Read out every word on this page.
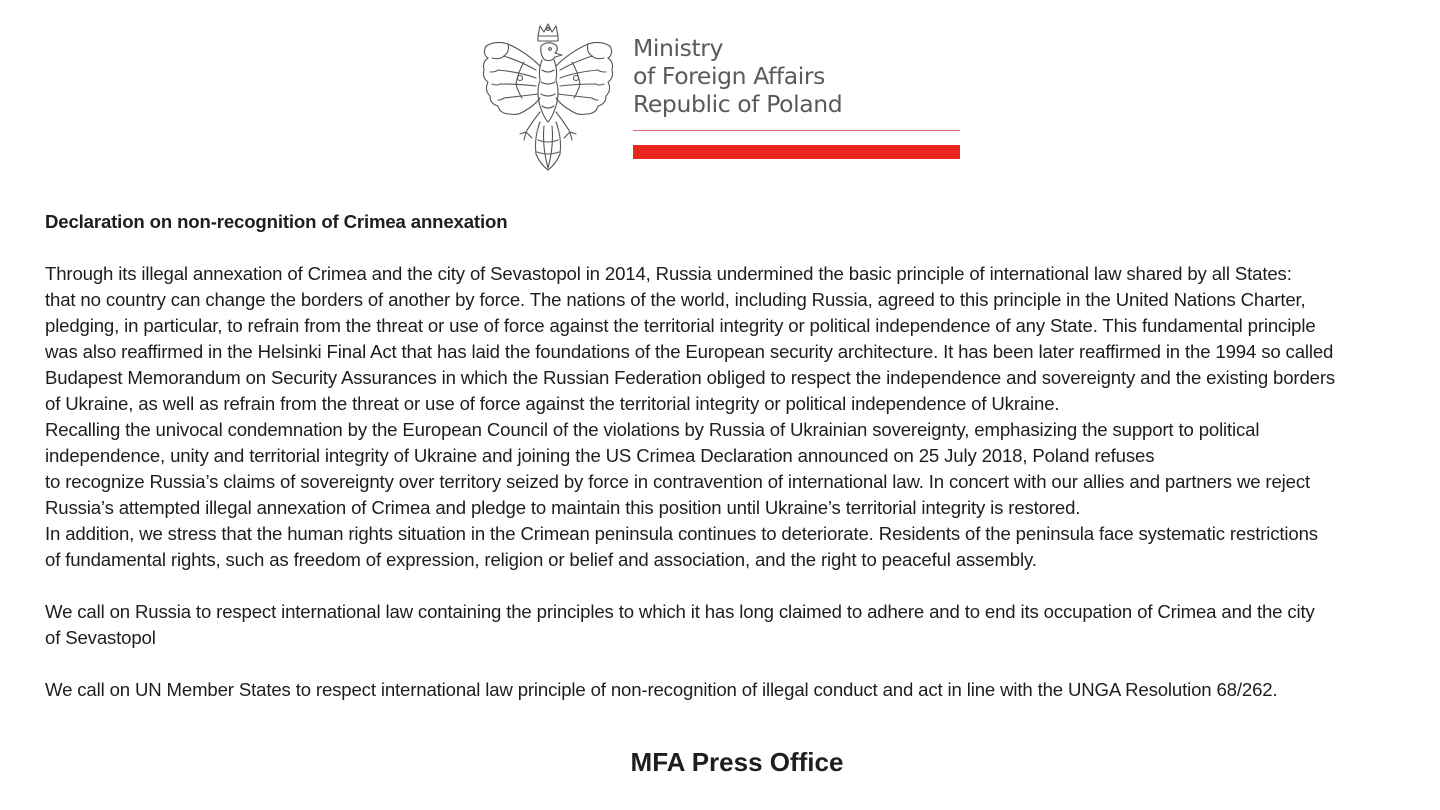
Ministry
of Foreign Affairs
Republic of Poland
Declaration on non-recognition of Crimea annexation
Through its illegal annexation of Crimea and the city of Sevastopol in 2014, Russia undermined the basic principle of international law shared by all States:
that no country can change the borders of another by force. The nations of the world, including Russia, agreed to this principle in the United Nations Charter,
pledging, in particular, to refrain from the threat or use of force against the territorial integrity or political independence of any State. This fundamental principle
was also reaffirmed in the Helsinki Final Act that has laid the foundations of the European security architecture. It has been later reaffirmed in the 1994 so called
Budapest Memorandum on Security Assurances in which the Russian Federation obliged to respect the independence and sovereignty and the existing borders
of Ukraine, as well as refrain from the threat or use of force against the territorial integrity or political independence of Ukraine.
Recalling the univocal condemnation by the European Council of the violations by Russia of Ukrainian sovereignty, emphasizing the support to political
independence, unity and territorial integrity of Ukraine and joining the US Crimea Declaration announced on 25 July 2018, Poland refuses
to recognize Russia’s claims of sovereignty over territory seized by force in contravention of international law. In concert with our allies and partners we reject
Russia’s attempted illegal annexation of Crimea and pledge to maintain this position until Ukraine’s territorial integrity is restored.
In addition, we stress that the human rights situation in the Crimean peninsula continues to deteriorate. Residents of the peninsula face systematic restrictions
of fundamental rights, such as freedom of expression, religion or belief and association, and the right to peaceful assembly.
We call on Russia to respect international law containing the principles to which it has long claimed to adhere and to end its occupation of Crimea and the city
of Sevastopol
We call on UN Member States to respect international law principle of non-recognition of illegal conduct and act in line with the UNGA Resolution 68/262.
MFA Press Office
